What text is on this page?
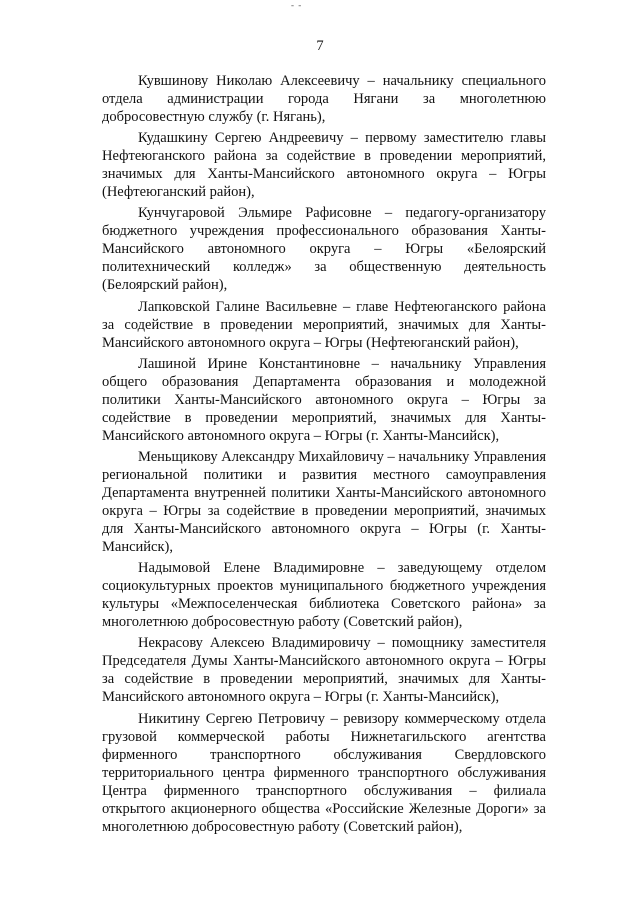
- -
7

Кувшинову Николаю Алексеевичу – начальнику специального отдела администрации города Нягани за многолетнюю добросовестную службу (г. Нягань),

Кудашкину Сергею Андреевичу – первому заместителю главы Нефтеюганского района за содействие в проведении мероприятий, значимых для Ханты-Мансийского автономного округа – Югры (Нефтеюганский район),

Кунчугаровой Эльмире Рафисовне – педагогу-организатору бюджетного учреждения профессионального образования Ханты-Мансийского автономного округа – Югры «Белоярский политехнический колледж» за общественную деятельность (Белоярский район),

Лапковской Галине Васильевне – главе Нефтеюганского района за содействие в проведении мероприятий, значимых для Ханты-Мансийского автономного округа – Югры (Нефтеюганский район),

Лашиной Ирине Константиновне – начальнику Управления общего образования Департамента образования и молодежной политики Ханты-Мансийского автономного округа – Югры за содействие в проведении мероприятий, значимых для Ханты-Мансийского автономного округа – Югры (г. Ханты-Мансийск),

Меньщикову Александру Михайловичу – начальнику Управления региональной политики и развития местного самоуправления Департамента внутренней политики Ханты-Мансийского автономного округа – Югры за содействие в проведении мероприятий, значимых для Ханты-Мансийского автономного округа – Югры (г. Ханты-Мансийск),

Надымовой Елене Владимировне – заведующему отделом социокультурных проектов муниципального бюджетного учреждения культуры «Межпоселенческая библиотека Советского района» за многолетнюю добросовестную работу (Советский район),

Некрасову Алексею Владимировичу – помощнику заместителя Председателя Думы Ханты-Мансийского автономного округа – Югры за содействие в проведении мероприятий, значимых для Ханты-Мансийского автономного округа – Югры (г. Ханты-Мансийск),

Никитину Сергею Петровичу – ревизору коммерческому отдела грузовой коммерческой работы Нижнетагильского агентства фирменного транспортного обслуживания Свердловского территориального центра фирменного транспортного обслуживания Центра фирменного транспортного обслуживания – филиала открытого акционерного общества «Российские Железные Дороги» за многолетнюю добросовестную работу (Советский район),
